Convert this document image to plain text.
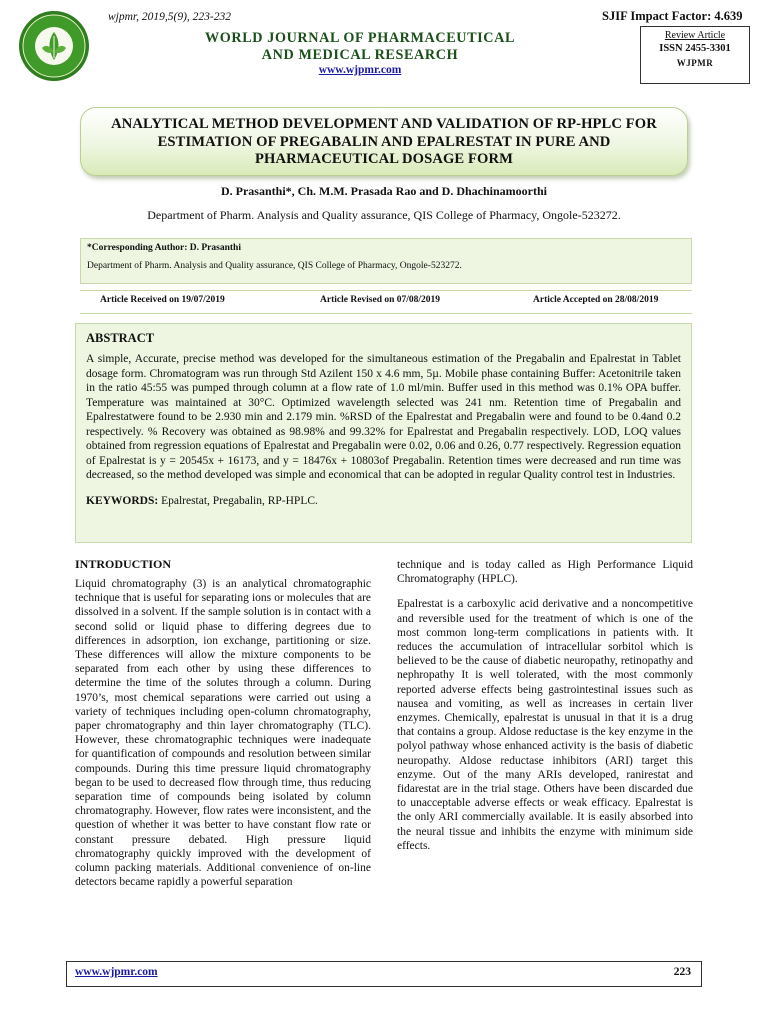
wjpmr, 2019,5(9), 223-232	SJIF Impact Factor: 4.639
WORLD JOURNAL OF PHARMACEUTICAL
AND MEDICAL RESEARCH
www.wjpmr.com
Review Article
ISSN 2455-3301
WJPMR
ANALYTICAL METHOD DEVELOPMENT AND VALIDATION OF RP-HPLC FOR
ESTIMATION OF PREGABALIN AND EPALRESTAT IN PURE AND
PHARMACEUTICAL DOSAGE FORM
D. Prasanthi*, Ch. M.M. Prasada Rao and D. Dhachinamoorthi
Department of Pharm. Analysis and Quality assurance, QIS College of Pharmacy, Ongole-523272.
*Corresponding Author: D. Prasanthi
Department of Pharm. Analysis and Quality assurance, QIS College of Pharmacy, Ongole-523272.
Article Received on 19/07/2019	Article Revised on 07/08/2019	Article Accepted on 28/08/2019
ABSTRACT
A simple, Accurate, precise method was developed for the simultaneous estimation of the Pregabalin and Epalrestat in Tablet dosage form. Chromatogram was run through Std Azilent 150 x 4.6 mm, 5µ. Mobile phase containing Buffer: Acetonitrile taken in the ratio 45:55 was pumped through column at a flow rate of 1.0 ml/min. Buffer used in this method was 0.1% OPA buffer. Temperature was maintained at 30°C. Optimized wavelength selected was 241 nm. Retention time of Pregabalin and Epalrestatwere found to be 2.930 min and 2.179 min. %RSD of the Epalrestat and Pregabalin were and found to be 0.4and 0.2 respectively. % Recovery was obtained as 98.98% and 99.32% for Epalrestat and Pregabalin respectively. LOD, LOQ values obtained from regression equations of Epalrestat and Pregabalin were 0.02, 0.06 and 0.26, 0.77 respectively. Regression equation of Epalrestat is y = 20545x + 16173, and y = 18476x + 10803of Pregabalin. Retention times were decreased and run time was decreased, so the method developed was simple and economical that can be adopted in regular Quality control test in Industries.
KEYWORDS: Epalrestat, Pregabalin, RP-HPLC.
INTRODUCTION

Liquid chromatography (3) is an analytical chromatographic technique that is useful for separating ions or molecules that are dissolved in a solvent. If the sample solution is in contact with a second solid or liquid phase to differing degrees due to differences in adsorption, ion exchange, partitioning or size. These differences will allow the mixture components to be separated from each other by using these differences to determine the time of the solutes through a column. During 1970’s, most chemical separations were carried out using a variety of techniques including open-column chromatography, paper chromatography and thin layer chromatography (TLC). However, these chromatographic techniques were inadequate for quantification of compounds and resolution between similar compounds. During this time pressure liquid chromatography began to be used to decreased flow through time, thus reducing separation time of compounds being isolated by column chromatography. However, flow rates were inconsistent, and the question of whether it was better to have constant flow rate or constant pressure debated. High pressure liquid chromatography quickly improved with the development of column packing materials. Additional convenience of on-line detectors became rapidly a powerful separation

technique and is today called as High Performance Liquid Chromatography (HPLC).

Epalrestat is a carboxylic acid derivative and a noncompetitive and reversible used for the treatment of which is one of the most common long-term complications in patients with. It reduces the accumulation of intracellular sorbitol which is believed to be the cause of diabetic neuropathy, retinopathy and nephropathy It is well tolerated, with the most commonly reported adverse effects being gastrointestinal issues such as nausea and vomiting, as well as increases in certain liver enzymes. Chemically, epalrestat is unusual in that it is a drug that contains a group. Aldose reductase is the key enzyme in the polyol pathway whose enhanced activity is the basis of diabetic neuropathy. Aldose reductase inhibitors (ARI) target this enzyme. Out of the many ARIs developed, ranirestat and fidarestat are in the trial stage. Others have been discarded due to unacceptable adverse effects or weak efficacy. Epalrestat is the only ARI commercially available. It is easily absorbed into the neural tissue and inhibits the enzyme with minimum side effects.

www.wjpmr.com	223
